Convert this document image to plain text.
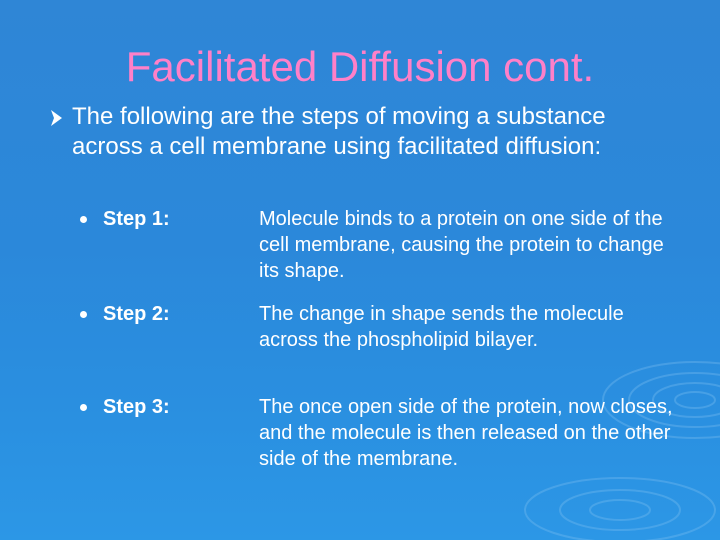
Facilitated Diffusion cont.
The following are the steps of moving a substance across a cell membrane using facilitated diffusion:
Step 1:	Molecule binds to a protein on one side of the cell membrane, causing the protein to change its shape.
Step 2:	The change in shape sends the molecule across the phospholipid bilayer.
Step 3:	The once open side of the protein, now closes, and the molecule is then released on the other side of the membrane.
